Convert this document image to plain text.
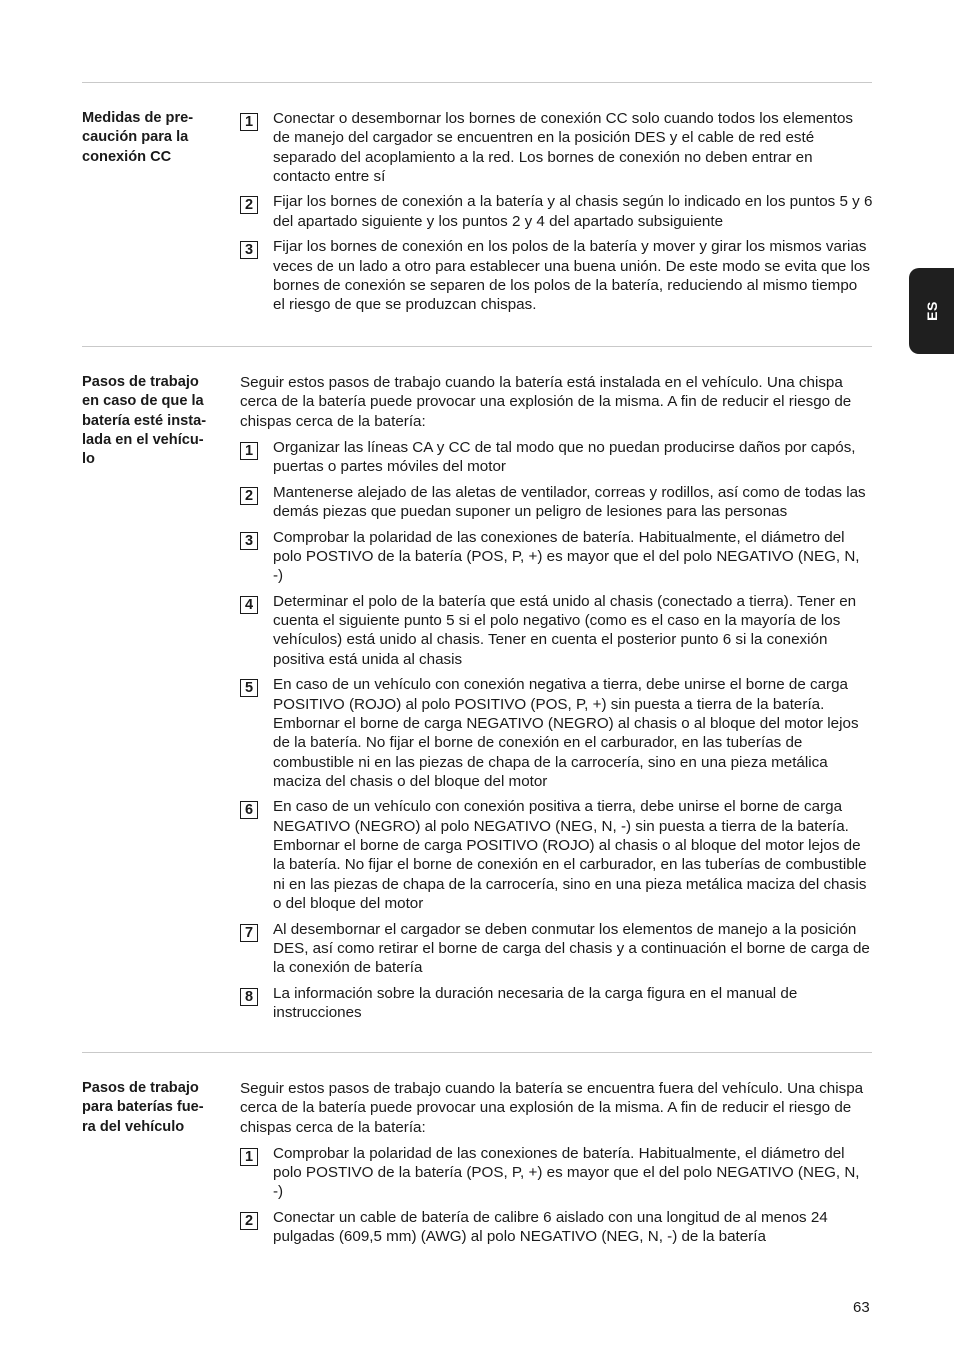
ES
Medidas de pre-
caución para la
conexión CC
1	Conectar o desembornar los bornes de conexión CC solo cuando todos los elementos de manejo del cargador se encuentren en la posición DES y el cable de red esté separado del acoplamiento a la red. Los bornes de conexión no deben entrar en contacto entre sí
2	Fijar los bornes de conexión a la batería y al chasis según lo indicado en los puntos 5 y 6 del apartado siguiente y los puntos 2 y 4 del apartado subsiguiente
3	Fijar los bornes de conexión en los polos de la batería y mover y girar los mismos varias veces de un lado a otro para establecer una buena unión. De este modo se evita que los bornes de conexión se separen de los polos de la batería, reduciendo al mismo tiempo el riesgo de que se produzcan chispas.
Pasos de trabajo
en caso de que la
batería esté insta-
lada en el vehícu-
lo

Seguir estos pasos de trabajo cuando la batería está instalada en el vehículo. Una chispa cerca de la batería puede provocar una explosión de la misma. A fin de reducir el riesgo de chispas cerca de la batería:

1	Organizar las líneas CA y CC de tal modo que no puedan producirse daños por capós, puertas o partes móviles del motor
2	Mantenerse alejado de las aletas de ventilador, correas y rodillos, así como de todas las demás piezas que puedan suponer un peligro de lesiones para las personas
3	Comprobar la polaridad de las conexiones de batería. Habitualmente, el diámetro del polo POSTIVO de la batería (POS, P, +) es mayor que el del polo NEGATIVO (NEG, N, -)
4	Determinar el polo de la batería que está unido al chasis (conectado a tierra). Tener en cuenta el siguiente punto 5 si el polo negativo (como es el caso en la mayoría de los vehículos) está unido al chasis. Tener en cuenta el posterior punto 6 si la conexión positiva está unida al chasis
5	En caso de un vehículo con conexión negativa a tierra, debe unirse el borne de carga POSITIVO (ROJO) al polo POSITIVO (POS, P, +) sin puesta a tierra de la batería. Embornar el borne de carga NEGATIVO (NEGRO) al chasis o al bloque del motor lejos de la batería. No fijar el borne de conexión en el carburador, en las tuberías de combustible ni en las piezas de chapa de la carrocería, sino en una pieza metálica maciza del chasis o del bloque del motor
6	En caso de un vehículo con conexión positiva a tierra, debe unirse el borne de carga NEGATIVO (NEGRO) al polo NEGATIVO (NEG, N, -) sin puesta a tierra de la batería. Embornar el borne de carga POSITIVO (ROJO) al chasis o al bloque del motor lejos de la batería. No fijar el borne de conexión en el carburador, en las tuberías de combustible ni en las piezas de chapa de la carrocería, sino en una pieza metálica maciza del chasis o del bloque del motor
7	Al desembornar el cargador se deben conmutar los elementos de manejo a la posición DES, así como retirar el borne de carga del chasis y a continuación el borne de carga de la conexión de batería
8	La información sobre la duración necesaria de la carga figura en el manual de instrucciones
Pasos de trabajo
para baterías fue-
ra del vehículo

Seguir estos pasos de trabajo cuando la batería se encuentra fuera del vehículo. Una chispa cerca de la batería puede provocar una explosión de la misma. A fin de reducir el riesgo de chispas cerca de la batería:

1	Comprobar la polaridad de las conexiones de batería. Habitualmente, el diámetro del polo POSTIVO de la batería (POS, P, +) es mayor que el del polo NEGATIVO (NEG, N, -)
2	Conectar un cable de batería de calibre 6 aislado con una longitud de al menos 24 pulgadas (609,5 mm) (AWG) al polo NEGATIVO (NEG, N, -) de la batería
63
